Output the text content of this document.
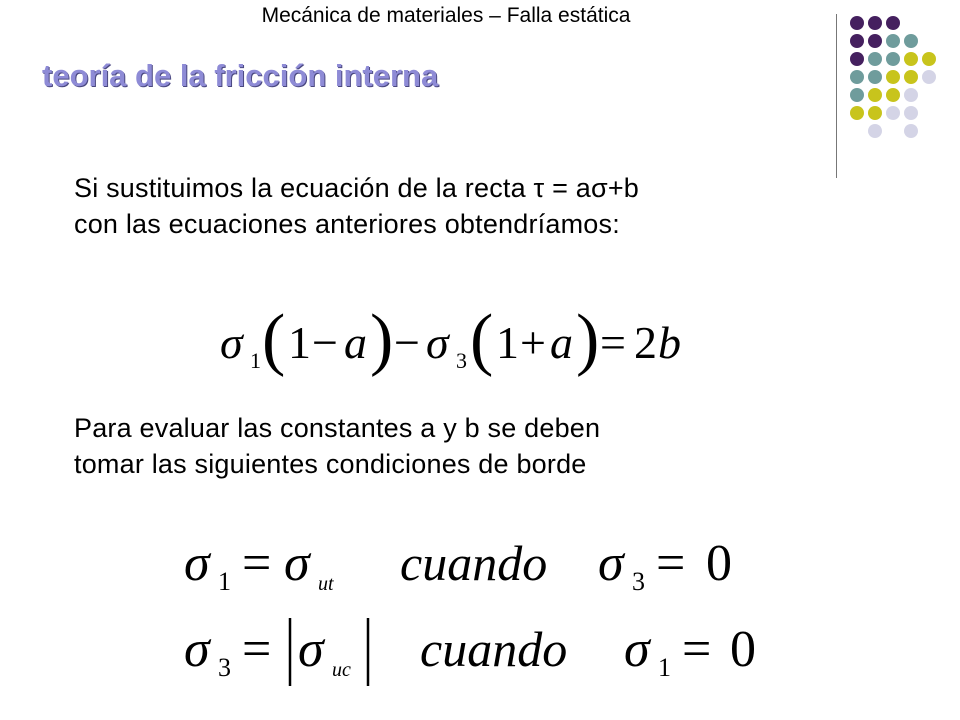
Mecánica de materiales – Falla estática
teoría de la fricción interna
Si sustituimos la ecuación de la recta τ = aσ+b
con las ecuaciones anteriores obtendríamos:
σ 1 ( 1 − a ) − σ 3 ( 1 + a ) = 2 b
Para evaluar las constantes a y b se deben
tomar las siguientes condiciones de borde
σ 1 = σ ut cuando σ 3 = 0
σ 3 = σ uc cuando σ 1 = 0
